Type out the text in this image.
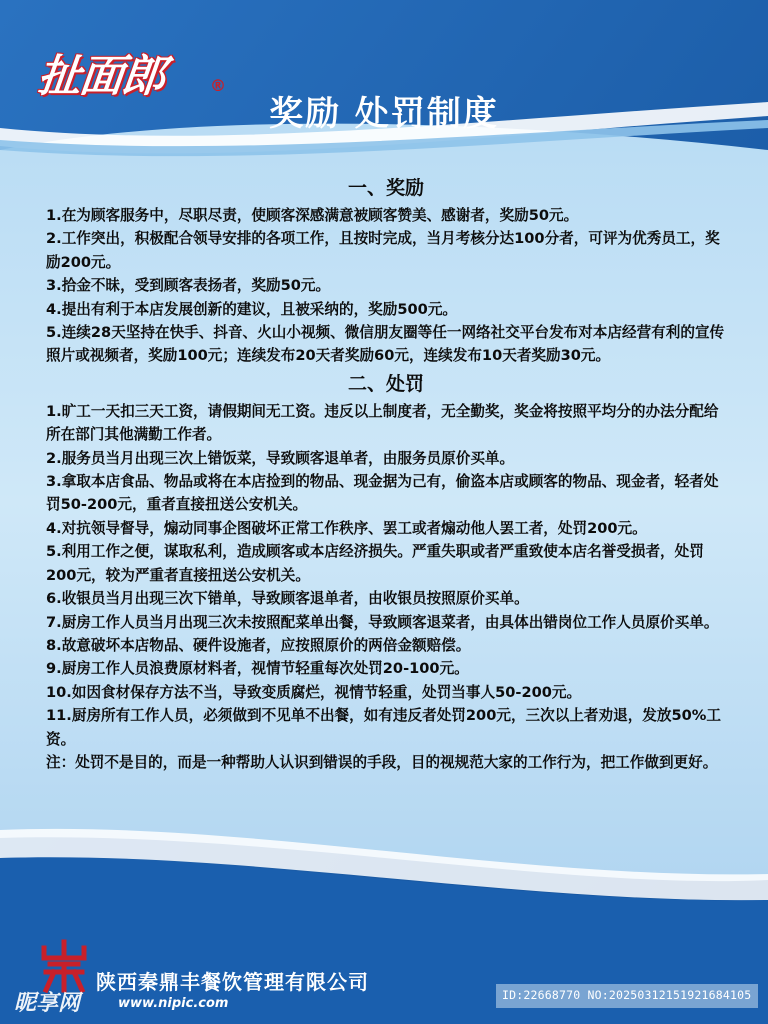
扯面郎	®
奖励 处罚制度
一、奖励

1.在为顾客服务中，尽职尽责，使顾客深感满意被顾客赞美、感谢者，奖励50元。

2.工作突出，积极配合领导安排的各项工作，且按时完成，当月考核分达100分者，可评为优秀员工，奖励200元。

3.拾金不昧，受到顾客表扬者，奖励50元。

4.提出有利于本店发展创新的建议，且被采纳的，奖励500元。

5.连续28天坚持在快手、抖音、火山小视频、微信朋友圈等任一网络社交平台发布对本店经营有利的宣传照片或视频者，奖励100元；连续发布20天者奖励60元，连续发布10天者奖励30元。

二、处罚

1.旷工一天扣三天工资，请假期间无工资。违反以上制度者，无全勤奖，奖金将按照平均分的办法分配给所在部门其他满勤工作者。

2.服务员当月出现三次上错饭菜，导致顾客退单者，由服务员原价买单。

3.拿取本店食品、物品或将在本店捡到的物品、现金据为己有，偷盗本店或顾客的物品、现金者，轻者处罚50-200元，重者直接扭送公安机关。

4.对抗领导督导，煽动同事企图破坏正常工作秩序、罢工或者煽动他人罢工者，处罚200元。

5.利用工作之便，谋取私利，造成顾客或本店经济损失。严重失职或者严重致使本店名誉受损者，处罚200元，较为严重者直接扭送公安机关。

6.收银员当月出现三次下错单，导致顾客退单者，由收银员按照原价买单。

7.厨房工作人员当月出现三次未按照配菜单出餐，导致顾客退菜者，由具体出错岗位工作人员原价买单。

8.故意破坏本店物品、硬件设施者，应按照原价的两倍金额赔偿。

9.厨房工作人员浪费原材料者，视情节轻重每次处罚20-100元。

10.如因食材保存方法不当，导致变质腐烂，视情节轻重，处罚当事人50-200元。

11.厨房所有工作人员，必须做到不见单不出餐，如有违反者处罚200元，三次以上者劝退，发放50%工资。

注：处罚不是目的，而是一种帮助人认识到错误的手段，目的视规范大家的工作行为，把工作做到更好。

陕西秦鼎丰餐饮管理有限公司
昵享网	www.nipic.com
ID:22668770 NO:20250312151921684105
